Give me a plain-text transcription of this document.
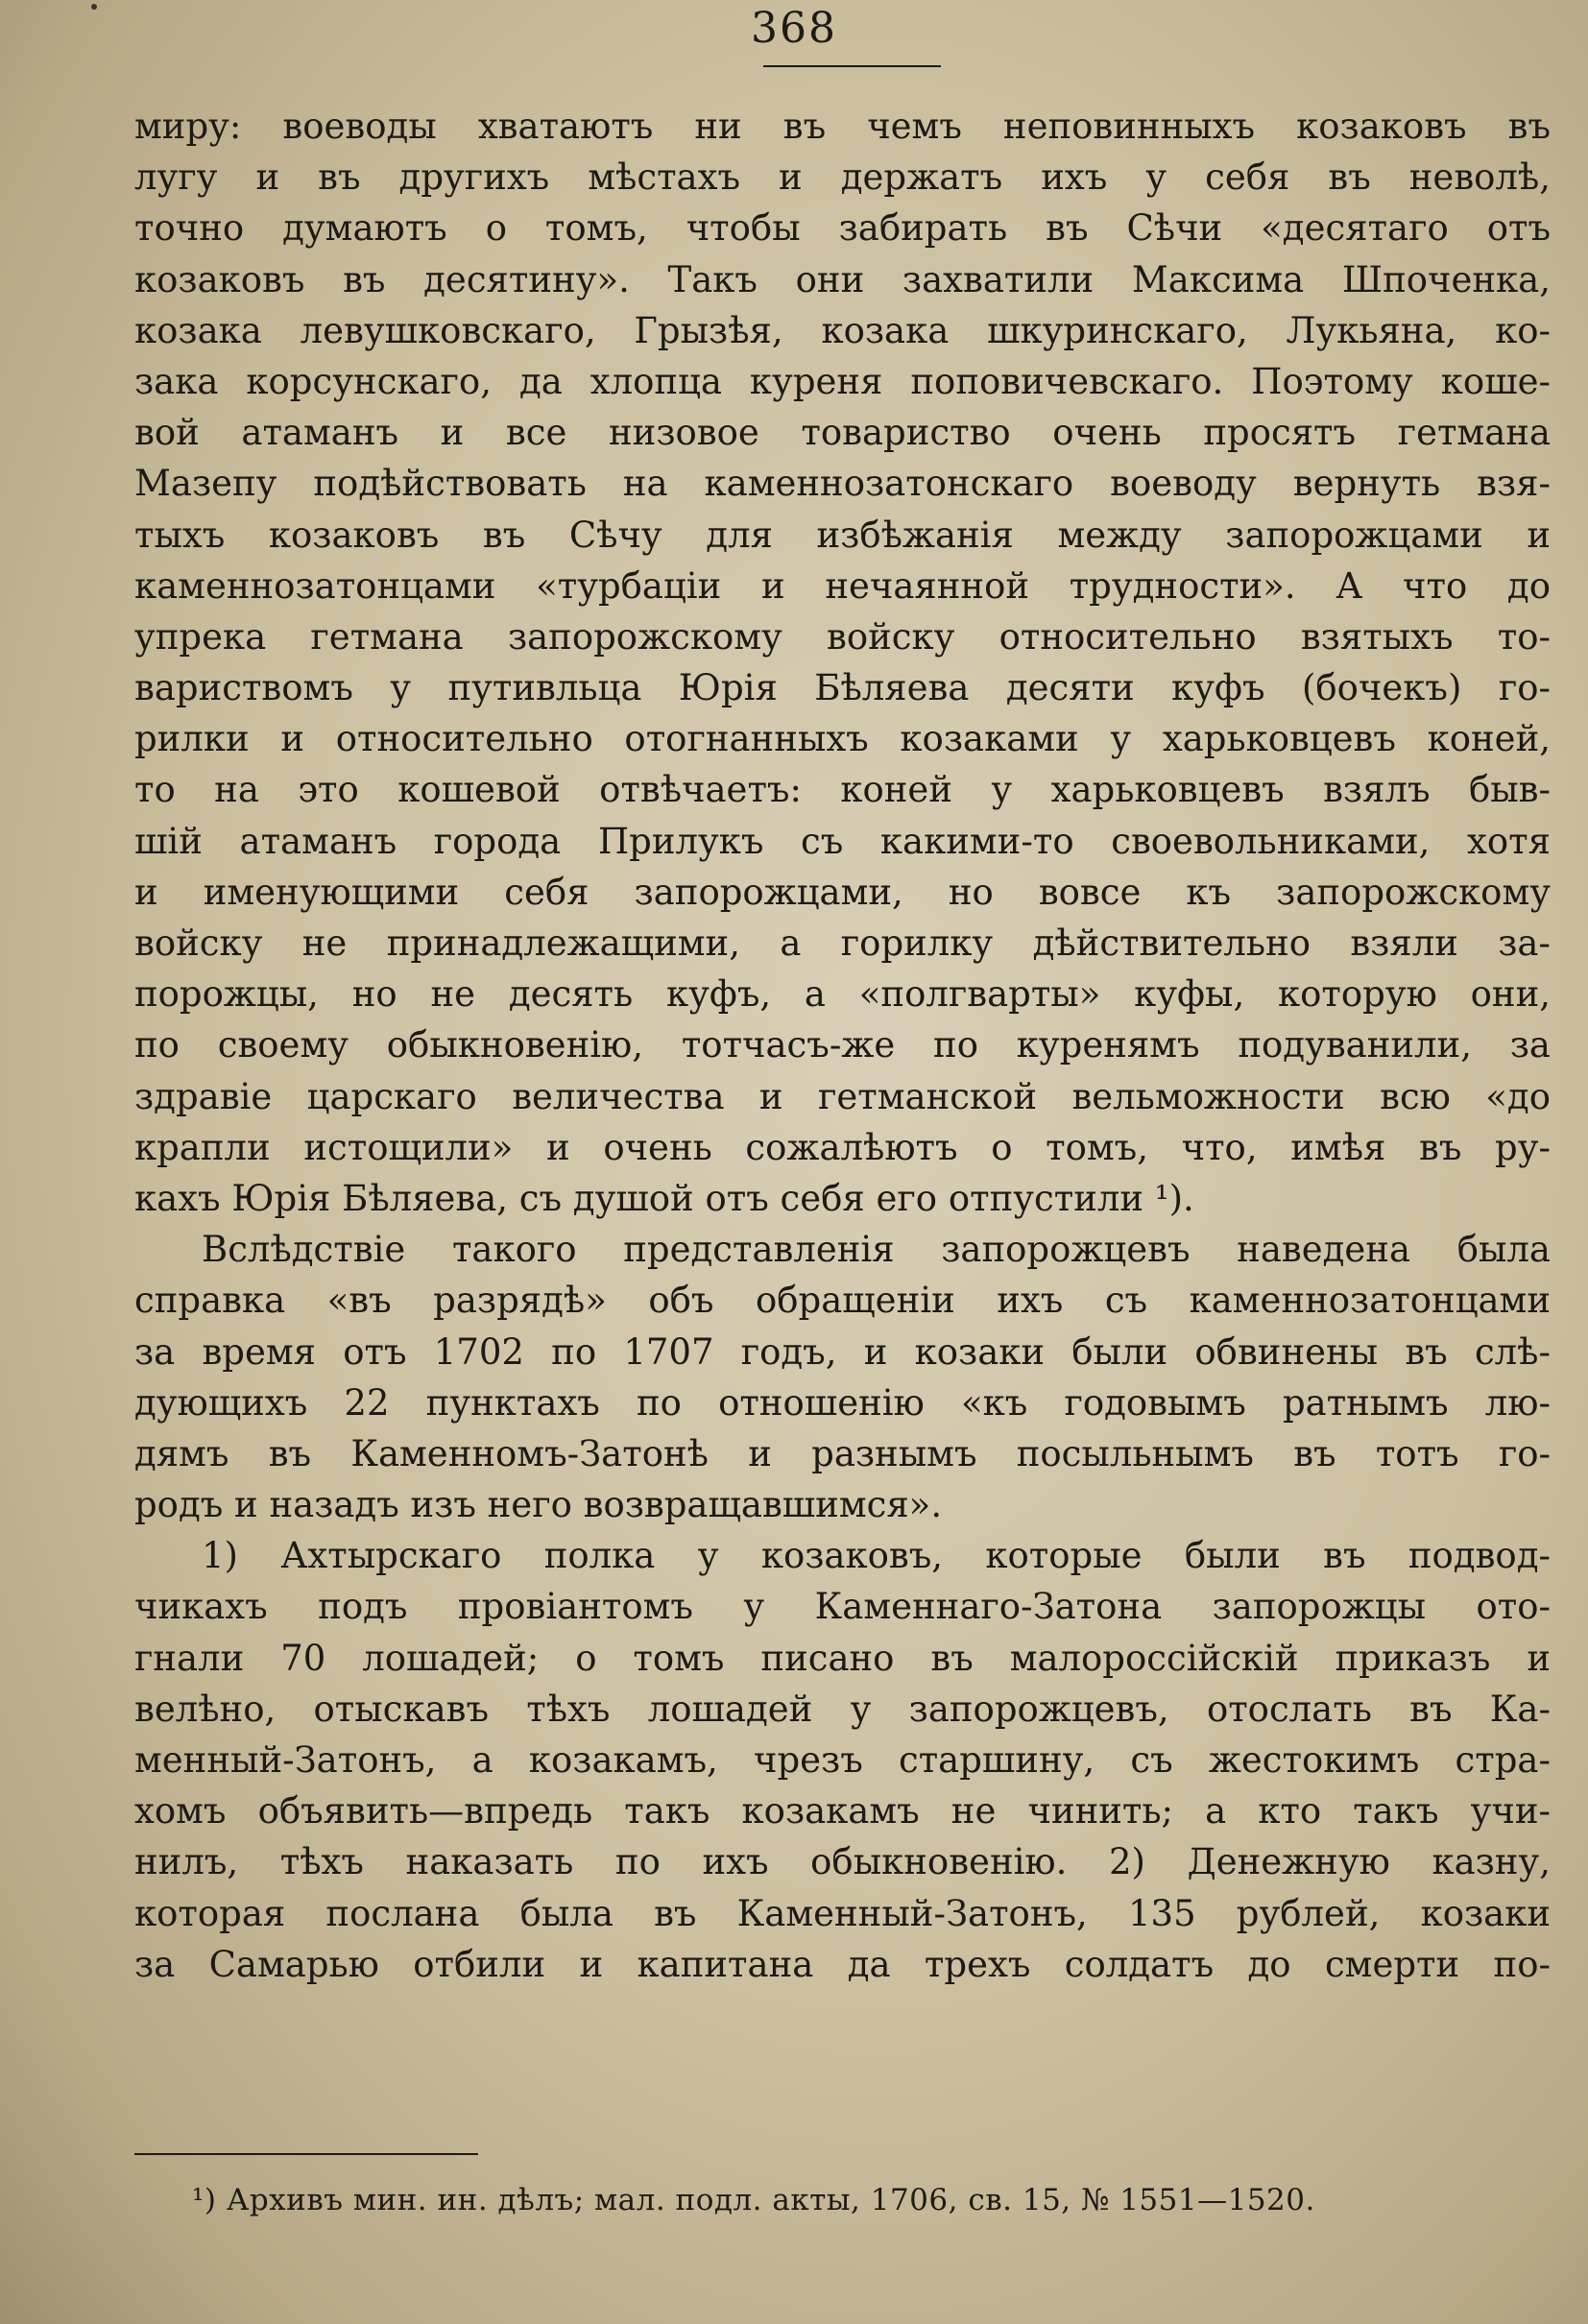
368
миру: воеводы хватаютъ ни въ чемъ неповинныхъ козаковъ въ
лугу и въ другихъ мѣстахъ и держатъ ихъ у себя въ неволѣ,
точно думаютъ о томъ, чтобы забирать въ Сѣчи «десятаго отъ
козаковъ въ десятину». Такъ они захватили Максима Шпоченка,
козака левушковскаго, Грызѣя, козака шкуринскаго, Лукьяна, ко-
зака корсунскаго, да хлопца куреня поповичевскаго. Поэтому коше-
вой атаманъ и все низовое товариство очень просятъ гетмана
Мазепу подѣйствовать на каменнозатонскаго воеводу вернуть взя-
тыхъ козаковъ въ Сѣчу для избѣжанія между запорожцами и
каменнозатонцами «турбаціи и нечаянной трудности». А что до
упрека гетмана запорожскому войску относительно взятыхъ то-
вариствомъ у путивльца Юрія Бѣляева десяти куфъ (бочекъ) го-
рилки и относительно отогнанныхъ козаками у харьковцевъ коней,
то на это кошевой отвѣчаетъ: коней у харьковцевъ взялъ быв-
шій атаманъ города Прилукъ съ какими-то своевольниками, хотя
и именующими себя запорожцами, но вовсе къ запорожскому
войску не принадлежащими, а горилку дѣйствительно взяли за-
порожцы, но не десять куфъ, а «полгварты» куфы, которую они,
по своему обыкновенію, тотчасъ-же по куренямъ подуванили, за
здравіе царскаго величества и гетманской вельможности всю «до
крапли истощили» и очень сожалѣютъ о томъ, что, имѣя въ ру-
кахъ Юрія Бѣляева, съ душой отъ себя его отпустили ¹).
Вслѣдствіе такого представленія запорожцевъ наведена была
справка «въ разрядѣ» объ обращеніи ихъ съ каменнозатонцами
за время отъ 1702 по 1707 годъ, и козаки были обвинены въ слѣ-
дующихъ 22 пунктахъ по отношенію «къ годовымъ ратнымъ лю-
дямъ въ Каменномъ-Затонѣ и разнымъ посыльнымъ въ тотъ го-
родъ и назадъ изъ него возвращавшимся».
1) Ахтырскаго полка у козаковъ, которые были въ подвод-
чикахъ подъ провіантомъ у Каменнаго-Затона запорожцы ото-
гнали 70 лошадей; о томъ писано въ малороссійскій приказъ и
велѣно, отыскавъ тѣхъ лошадей у запорожцевъ, отослать въ Ка-
менный-Затонъ, а козакамъ, чрезъ старшину, съ жестокимъ стра-
хомъ объявить—впредь такъ козакамъ не чинить; а кто такъ учи-
нилъ, тѣхъ наказать по ихъ обыкновенію. 2) Денежную казну,
которая послана была въ Каменный-Затонъ, 135 рублей, козаки
за Самарью отбили и капитана да трехъ солдатъ до смерти по-
¹) Архивъ мин. ин. дѣлъ; мал. подл. акты, 1706, св. 15, № 1551—1520.
